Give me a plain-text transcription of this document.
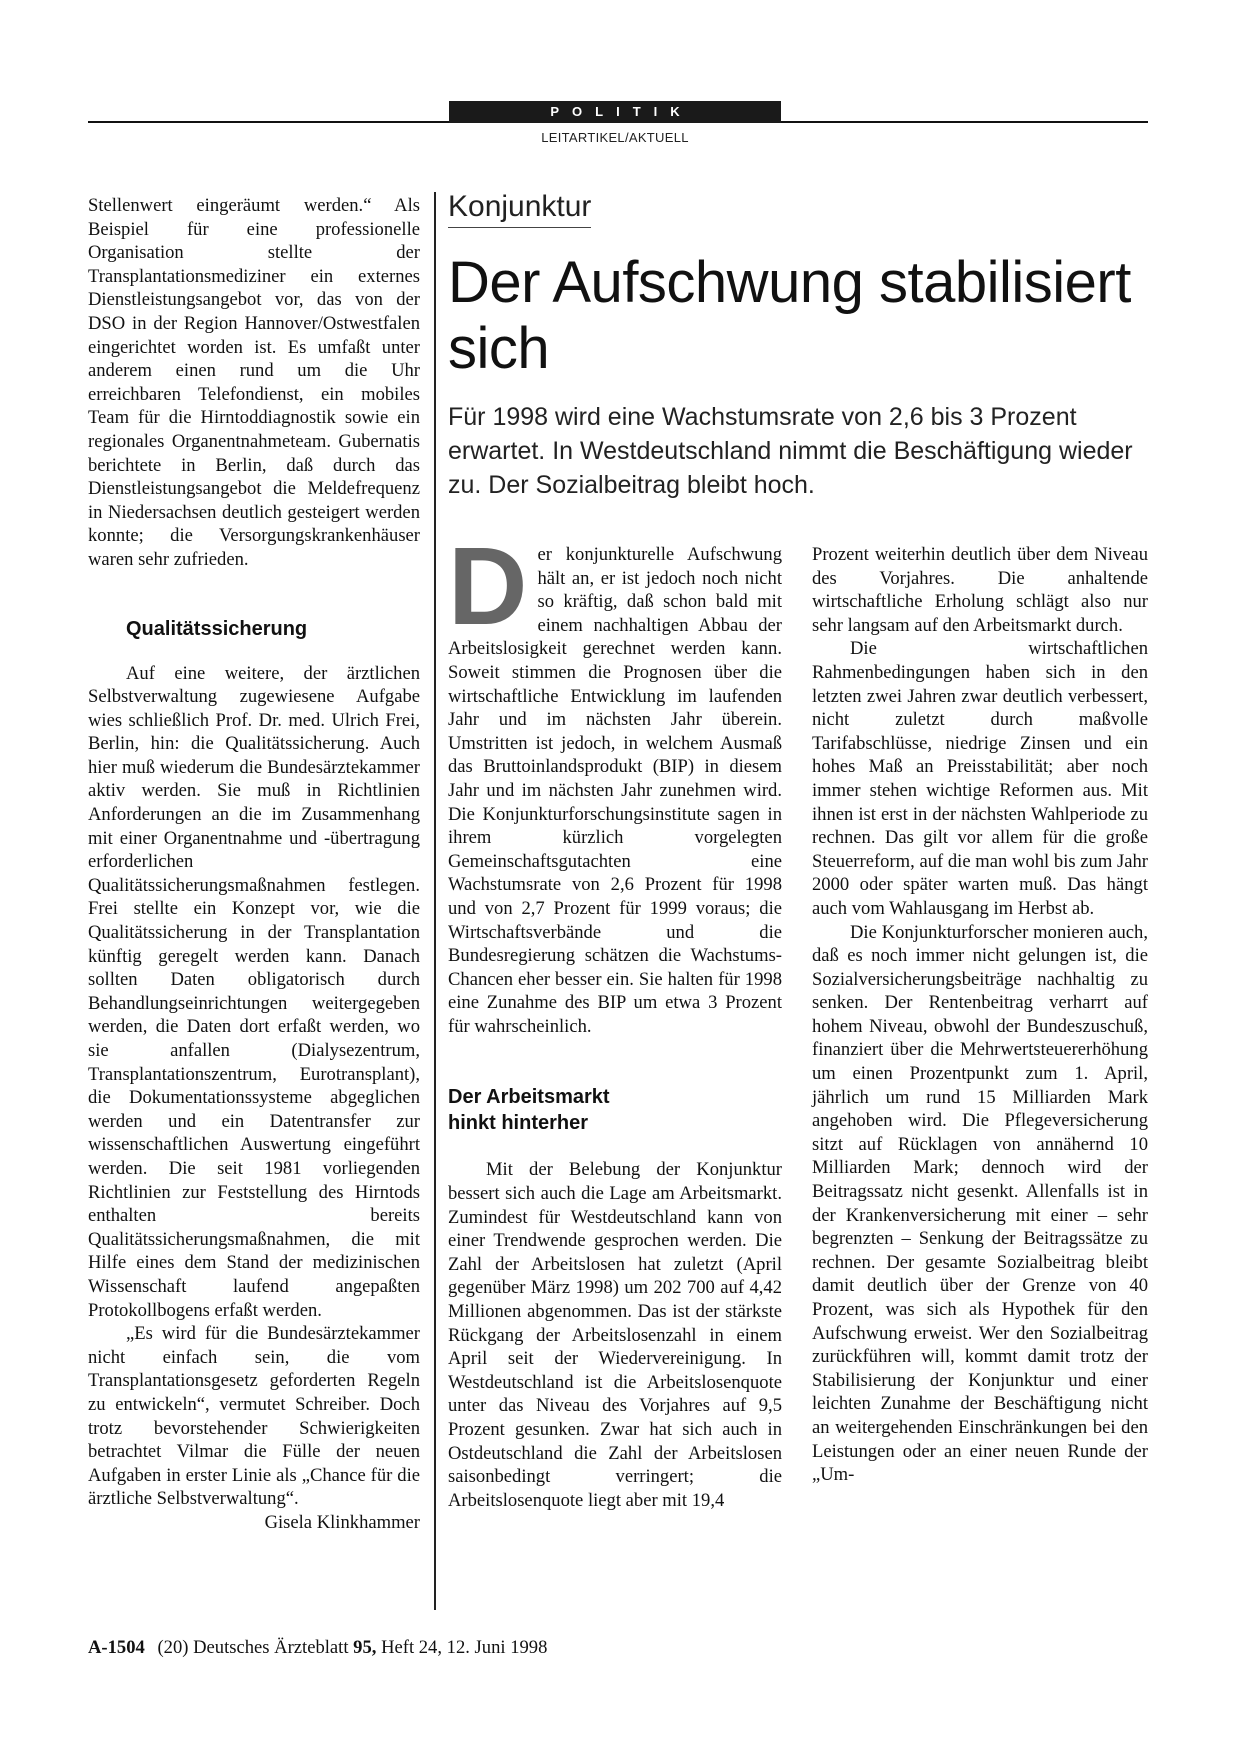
POLITIK
LEITARTIKEL/AKTUELL

Stellenwert eingeräumt werden.“ Als Beispiel für eine professionelle Organisation stellte der Transplantationsmediziner ein externes Dienstleistungsangebot vor, das von der DSO in der Region Hannover/Ostwestfalen eingerichtet worden ist. Es umfaßt unter anderem einen rund um die Uhr erreichbaren Telefondienst, ein mobiles Team für die Hirntoddiagnostik sowie ein regionales Organentnahmeteam. Gubernatis berichtete in Berlin, daß durch das Dienstleistungsangebot die Meldefrequenz in Niedersachsen deutlich gesteigert werden konnte; die Versorgungskrankenhäuser waren sehr zufrieden.

Qualitätssicherung

Auf eine weitere, der ärztlichen Selbstverwaltung zugewiesene Aufgabe wies schließlich Prof. Dr. med. Ulrich Frei, Berlin, hin: die Qualitätssicherung. Auch hier muß wiederum die Bundesärztekammer aktiv werden. Sie muß in Richtlinien Anforderungen an die im Zusammenhang mit einer Organentnahme und -übertragung erforderlichen Qualitätssicherungsmaßnahmen festlegen. Frei stellte ein Konzept vor, wie die Qualitätssicherung in der Transplantation künftig geregelt werden kann. Danach sollten Daten obligatorisch durch Behandlungseinrichtungen weitergegeben werden, die Daten dort erfaßt werden, wo sie anfallen (Dialysezentrum, Transplantationszentrum, Eurotransplant), die Dokumentationssysteme abgeglichen werden und ein Datentransfer zur wissenschaftlichen Auswertung eingeführt werden. Die seit 1981 vorliegenden Richtlinien zur Feststellung des Hirntods enthalten bereits Qualitätssicherungsmaßnahmen, die mit Hilfe eines dem Stand der medizinischen Wissenschaft laufend angepaßten Protokollbogens erfaßt werden.

„Es wird für die Bundesärztekammer nicht einfach sein, die vom Transplantationsgesetz geforderten Regeln zu entwickeln“, vermutet Schreiber. Doch trotz bevorstehender Schwierigkeiten betrachtet Vilmar die Fülle der neuen Aufgaben in erster Linie als „Chance für die ärztliche Selbstverwaltung“.
Gisela Klinkhammer

Konjunktur
Der Aufschwung stabilisiert sich
Für 1998 wird eine Wachstumsrate von 2,6 bis 3 Prozent erwartet. In Westdeutschland nimmt die Beschäftigung wieder zu. Der Sozialbeitrag bleibt hoch.

Der konjunkturelle Aufschwung hält an, er ist jedoch noch nicht so kräftig, daß schon bald mit einem nachhaltigen Abbau der Arbeitslosigkeit gerechnet werden kann. Soweit stimmen die Prognosen über die wirtschaftliche Entwicklung im laufenden Jahr und im nächsten Jahr überein. Umstritten ist jedoch, in welchem Ausmaß das Bruttoinlandsprodukt (BIP) in diesem Jahr und im nächsten Jahr zunehmen wird. Die Konjunkturforschungsinstitute sagen in ihrem kürzlich vorgelegten Gemeinschaftsgutachten eine Wachstumsrate von 2,6 Prozent für 1998 und von 2,7 Prozent für 1999 voraus; die Wirtschaftsverbände und die Bundesregierung schätzen die Wachstums-Chancen eher besser ein. Sie halten für 1998 eine Zunahme des BIP um etwa 3 Prozent für wahrscheinlich.

Der Arbeitsmarkt hinkt hinterher

Mit der Belebung der Konjunktur bessert sich auch die Lage am Arbeitsmarkt. Zumindest für Westdeutschland kann von einer Trendwende gesprochen werden. Die Zahl der Arbeitslosen hat zuletzt (April gegenüber März 1998) um 202 700 auf 4,42 Millionen abgenommen. Das ist der stärkste Rückgang der Arbeitslosenzahl in einem April seit der Wiedervereinigung. In Westdeutschland ist die Arbeitslosenquote unter das Niveau des Vorjahres auf 9,5 Prozent gesunken. Zwar hat sich auch in Ostdeutschland die Zahl der Arbeitslosen saisonbedingt verringert; die Arbeitslosenquote liegt aber mit 19,4

Prozent weiterhin deutlich über dem Niveau des Vorjahres. Die anhaltende wirtschaftliche Erholung schlägt also nur sehr langsam auf den Arbeitsmarkt durch.

Die wirtschaftlichen Rahmenbedingungen haben sich in den letzten zwei Jahren zwar deutlich verbessert, nicht zuletzt durch maßvolle Tarifabschlüsse, niedrige Zinsen und ein hohes Maß an Preisstabilität; aber noch immer stehen wichtige Reformen aus. Mit ihnen ist erst in der nächsten Wahlperiode zu rechnen. Das gilt vor allem für die große Steuerreform, auf die man wohl bis zum Jahr 2000 oder später warten muß. Das hängt auch vom Wahlausgang im Herbst ab.

Die Konjunkturforscher monieren auch, daß es noch immer nicht gelungen ist, die Sozialversicherungsbeiträge nachhaltig zu senken. Der Rentenbeitrag verharrt auf hohem Niveau, obwohl der Bundeszuschuß, finanziert über die Mehrwertsteuererhöhung um einen Prozentpunkt zum 1. April, jährlich um rund 15 Milliarden Mark angehoben wird. Die Pflegeversicherung sitzt auf Rücklagen von annähernd 10 Milliarden Mark; dennoch wird der Beitragssatz nicht gesenkt. Allenfalls ist in der Krankenversicherung mit einer – sehr begrenzten – Senkung der Beitragssätze zu rechnen. Der gesamte Sozialbeitrag bleibt damit deutlich über der Grenze von 40 Prozent, was sich als Hypothek für den Aufschwung erweist. Wer den Sozialbeitrag zurückführen will, kommt damit trotz der Stabilisierung der Konjunktur und einer leichten Zunahme der Beschäftigung nicht an weitergehenden Einschränkungen bei den Leistungen oder an einer neuen Runde der „Um-

A-1504 (20) Deutsches Ärzteblatt 95, Heft 24, 12. Juni 1998
